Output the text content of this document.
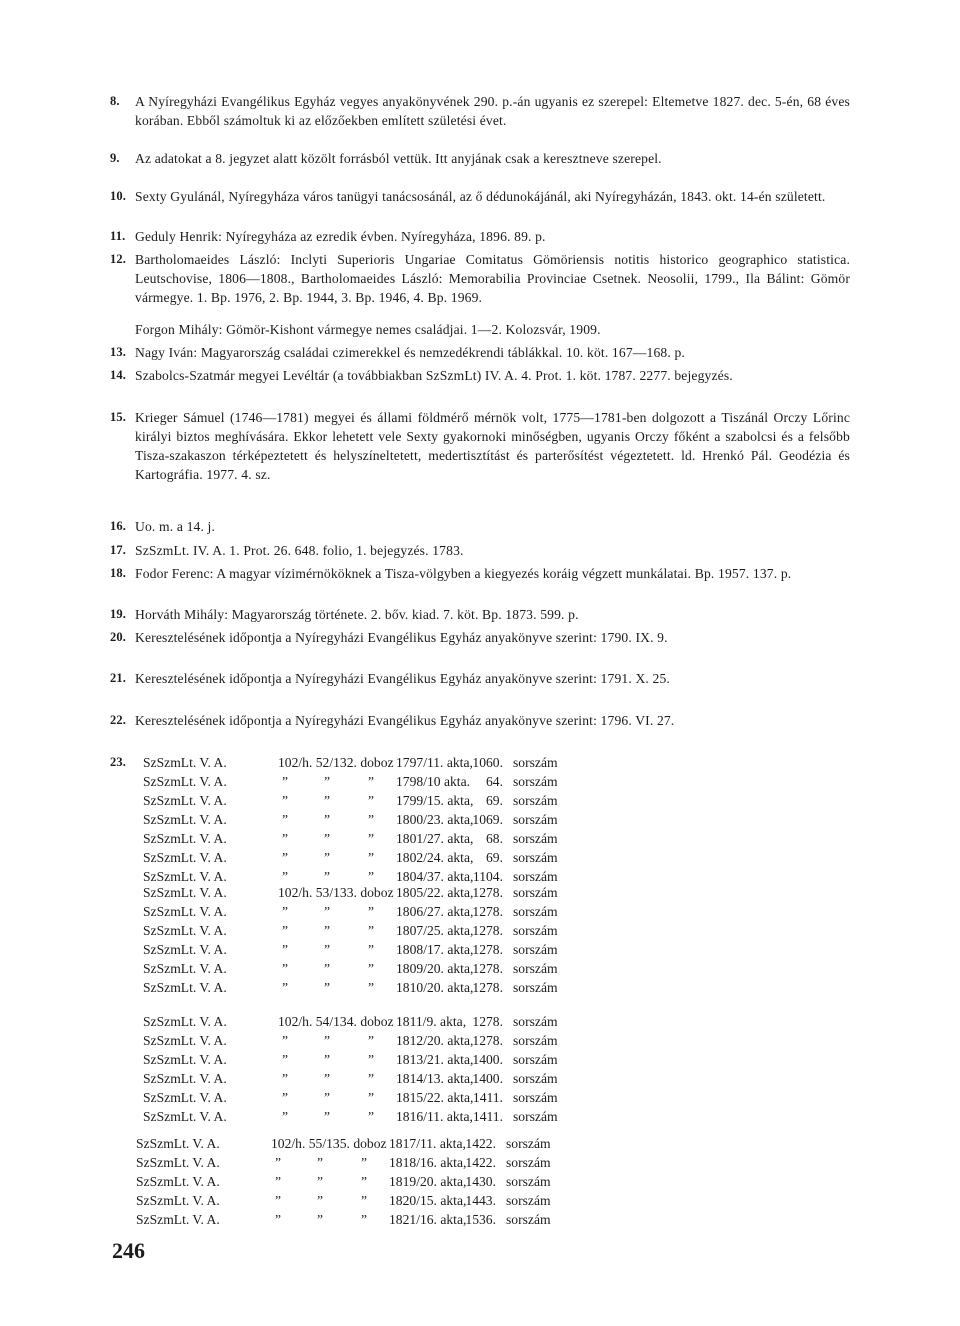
8. A Nyíregyházi Evangélikus Egyház vegyes anyakönyvének 290. p.-án ugyanis ez szerepel: Eltemetve 1827. dec. 5-én, 68 éves korában. Ebből számoltuk ki az előzőekben említett születési évet.
9. Az adatokat a 8. jegyzet alatt közölt forrásból vettük. Itt anyjának csak a keresztneve szerepel.
10. Sexty Gyulánál, Nyíregyháza város tanügyi tanácsosánál, az ő dédunokájánál, aki Nyíregyházán, 1843. okt. 14-én született.
11. Geduly Henrik: Nyíregyháza az ezredik évben. Nyíregyháza, 1896. 89. p.
12. Bartholomaeides László: Inclyti Superioris Ungariae Comitatus Gömöriensis notitis historico geographico statistica. Leutschovise, 1806—1808., Bartholomaeides László: Memorabilia Provinciae Csetnek. Neosolii, 1799., Ila Bálint: Gömör vármegye. 1. Bp. 1976, 2. Bp. 1944, 3. Bp. 1946, 4. Bp. 1969.
Forgon Mihály: Gömör-Kishont vármegye nemes családjai. 1—2. Kolozsvár, 1909.
13. Nagy Iván: Magyarország családai czimerekkel és nemzedékrendi táblákkal. 10. köt. 167—168. p.
14. Szabolcs-Szatmár megyei Levéltár (a továbbiakban SzSzmLt) IV. A. 4. Prot. 1. köt. 1787. 2277. bejegyzés.
15. Krieger Sámuel (1746—1781) megyei és állami földmérő mérnök volt, 1775—1781-ben dolgozott a Tiszánál Orczy Lőrinc királyi biztos meghívására. Ekkor lehetett vele Sexty gyakornoki minőségben, ugyanis Orczy főként a szabolcsi és a felsőbb Tisza-szakaszon térképeztetett és helyszíneltetett, medertisztítást és parterősítést végeztetett. ld. Hrenkó Pál. Geodézia és Kartográfia. 1977. 4. sz.
16. Uo. m. a 14. j.
17. SzSzmLt. IV. A. 1. Prot. 26. 648. folio, 1. bejegyzés. 1783.
18. Fodor Ferenc: A magyar vízimérnököknek a Tisza-völgyben a kiegyezés koráig végzett munkálatai. Bp. 1957. 137. p.
19. Horváth Mihály: Magyarország története. 2. bőv. kiad. 7. köt. Bp. 1873. 599. p.
20. Keresztelésének időpontja a Nyíregyházi Evangélikus Egyház anyakönyve szerint: 1790. IX. 9.
21. Keresztelésének időpontja a Nyíregyházi Evangélikus Egyház anyakönyve szerint: 1791. X. 25.
22. Keresztelésének időpontja a Nyíregyházi Evangélikus Egyház anyakönyve szerint: 1796. VI. 27.
23. SzSzmLt. V. A.	102/h. 52/132. doboz 1797/11. akta, 1060. sorszám
SzSzmLt. V. A.	”	”	” 1798/10 akta.	64. sorszám
SzSzmLt. V. A.	”	”	” 1799/15. akta, 69. sorszám
SzSzmLt. V. A.	”	”	” 1800/23. akta, 1069. sorszám
SzSzmLt. V. A.	”	”	” 1801/27. akta, 68. sorszám
SzSzmLt. V. A.	”	”	” 1802/24. akta, 69. sorszám
SzSzmLt. V. A.	”	”	” 1804/37. akta, 1104. sorszám
SzSzmLt. V. A.	102/h. 53/133. doboz 1805/22. akta, 1278. sorszám
SzSzmLt. V. A.	”	”	” 1806/27. akta, 1278. sorszám
SzSzmLt. V. A.	”	”	” 1807/25. akta, 1278. sorszám
SzSzmLt. V. A.	”	”	” 1808/17. akta, 1278. sorszám
SzSzmLt. V. A.	”	”	” 1809/20. akta, 1278. sorszám
SzSzmLt. V. A.	”	”	” 1810/20. akta, 1278. sorszám
SzSzmLt. V. A.	102/h. 54/134. doboz 1811/9. akta, 1278. sorszám
SzSzmLt. V. A.	”	”	” 1812/20. akta, 1278. sorszám
SzSzmLt. V. A.	”	”	” 1813/21. akta, 1400. sorszám
SzSzmLt. V. A.	”	”	” 1814/13. akta, 1400. sorszám
SzSzmLt. V. A.	”	”	” 1815/22. akta, 1411. sorszám
SzSzmLt. V. A.	”	”	” 1816/11. akta, 1411. sorszám
SzSzmLt. V. A.	102/h. 55/135. doboz 1817/11. akta, 1422. sorszám
SzSzmLt. V. A.	”	”	” 1818/16. akta, 1422. sorszám
SzSzmLt. V. A.	”	”	” 1819/20. akta, 1430. sorszám
SzSzmLt. V. A.	”	”	” 1820/15. akta, 1443. sorszám
SzSzmLt. V. A.	”	”	” 1821/16. akta, 1536. sorszám
246
